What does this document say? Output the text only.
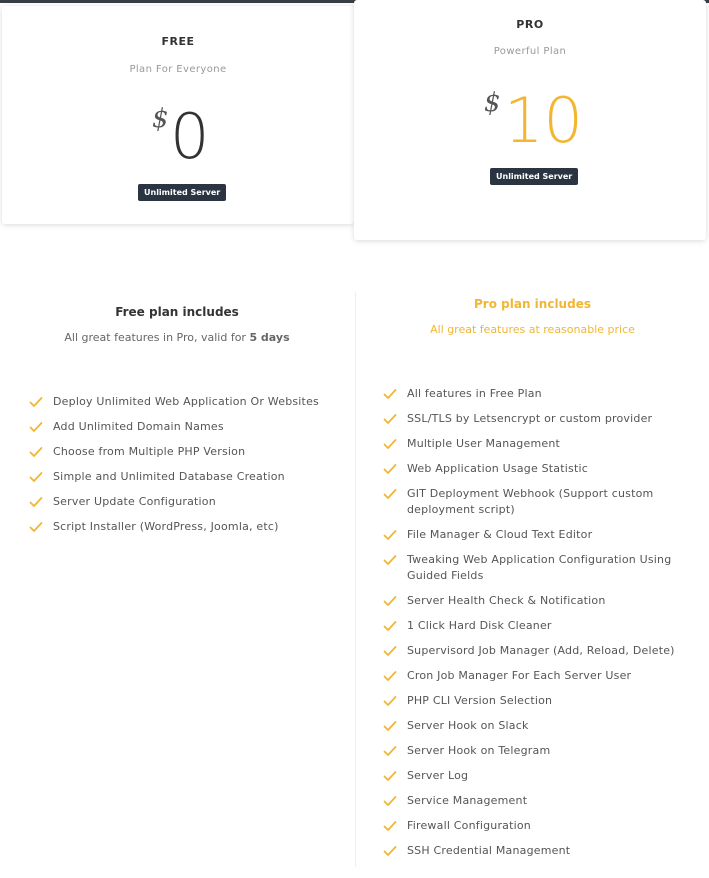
FREE
Plan For Everyone
$ 0
Unlimited Server
PRO
Powerful Plan
$ 10
Unlimited Server
Free plan includes
All great features in Pro, valid for 5 days
Pro plan includes
All great features at reasonable price
Deploy Unlimited Web Application Or Websites
Add Unlimited Domain Names
Choose from Multiple PHP Version
Simple and Unlimited Database Creation
Server Update Configuration
Script Installer (WordPress, Joomla, etc)
All features in Free Plan
SSL/TLS by Letsencrypt or custom provider
Multiple User Management
Web Application Usage Statistic
GIT Deployment Webhook (Support custom deployment script)
File Manager & Cloud Text Editor
Tweaking Web Application Configuration Using Guided Fields
Server Health Check & Notification
1 Click Hard Disk Cleaner
Supervisord Job Manager (Add, Reload, Delete)
Cron Job Manager For Each Server User
PHP CLI Version Selection
Server Hook on Slack
Server Hook on Telegram
Server Log
Service Management
Firewall Configuration
SSH Credential Management
